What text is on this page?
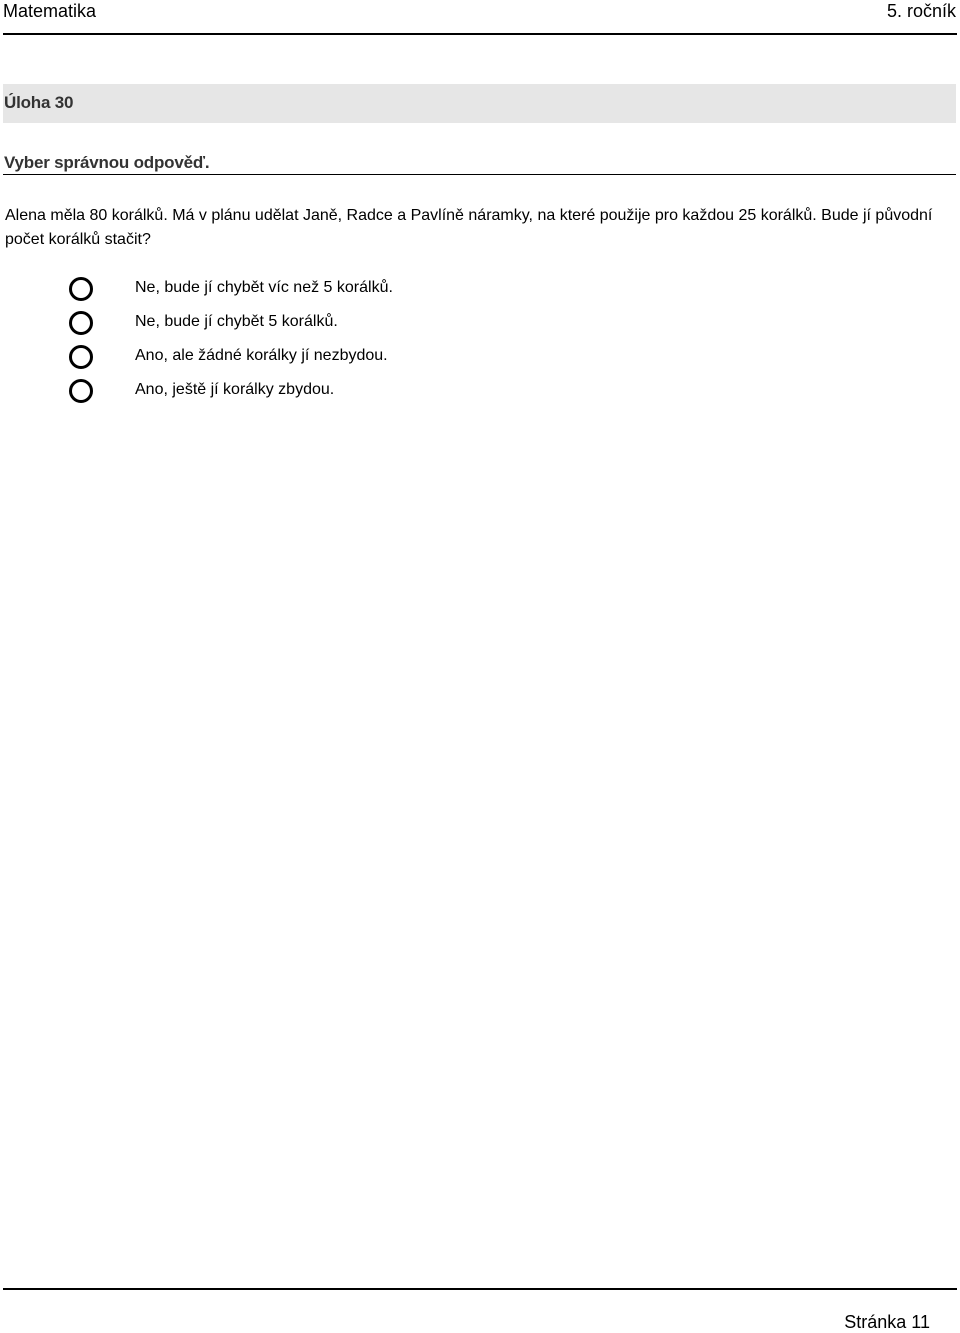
Matematika	5. ročník
Úloha 30
Vyber správnou odpověď.
Alena měla 80 korálků. Má v plánu udělat Janě, Radce a Pavlíně náramky, na které použije pro každou 25 korálků. Bude jí původní počet korálků stačit?
Ne, bude jí chybět víc než 5 korálků.
Ne, bude jí chybět 5 korálků.
Ano, ale žádné korálky jí nezbydou.
Ano, ještě jí korálky zbydou.
Stránka 11
